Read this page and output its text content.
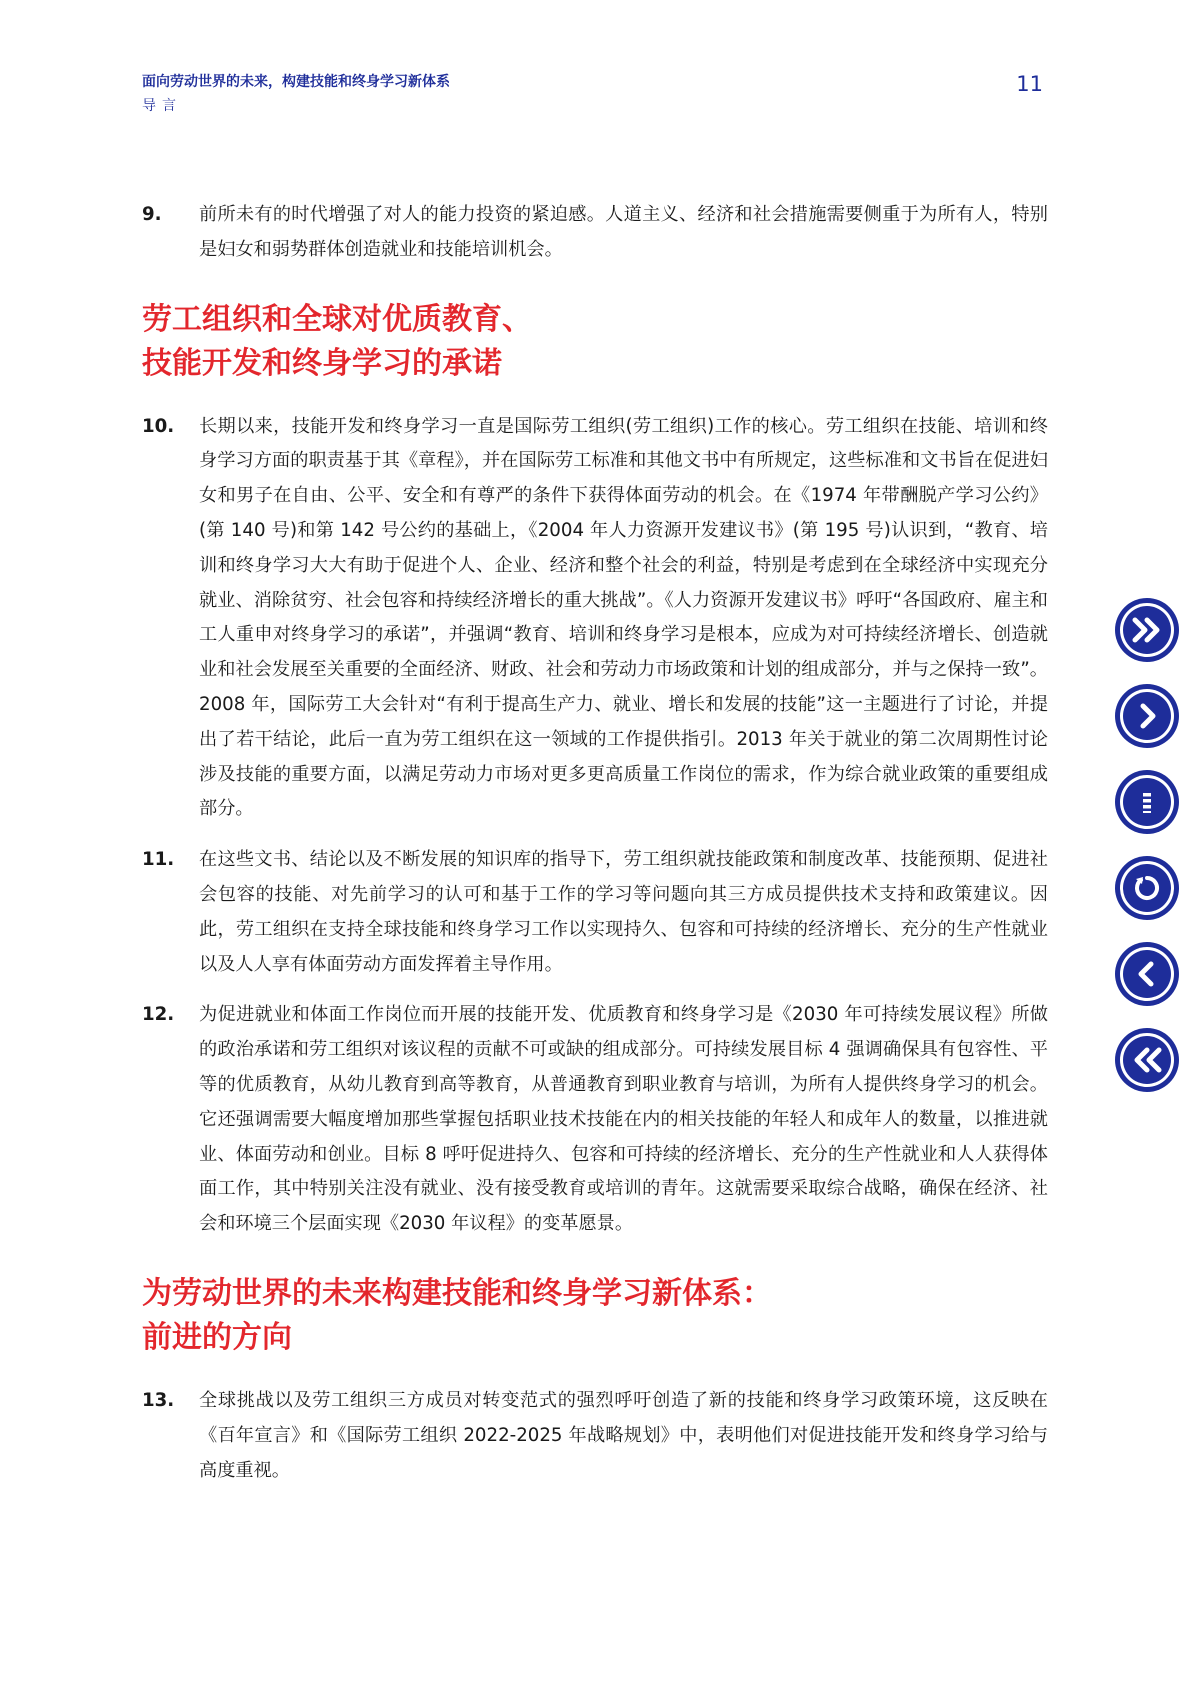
面向劳动世界的未来，构建技能和终身学习新体系
导言
11
9.	前所未有的时代增强了对人的能力投资的紧迫感。人道主义、经济和社会措施需要侧重于为所有人，特别是妇女和弱势群体创造就业和技能培训机会。
劳工组织和全球对优质教育、
技能开发和终身学习的承诺
10.	长期以来，技能开发和终身学习一直是国际劳工组织(劳工组织)工作的核心。劳工组织在技能、培训和终身学习方面的职责基于其《章程》，并在国际劳工标准和其他文书中有所规定，这些标准和文书旨在促进妇女和男子在自由、公平、安全和有尊严的条件下获得体面劳动的机会。在《1974 年带酬脱产学习公约》(第 140 号)和第 142 号公约的基础上，《2004 年人力资源开发建议书》(第 195 号)认识到，“教育、培训和终身学习大大有助于促进个人、企业、经济和整个社会的利益，特别是考虑到在全球经济中实现充分就业、消除贫穷、社会包容和持续经济增长的重大挑战”。《人力资源开发建议书》呼吁“各国政府、雇主和工人重申对终身学习的承诺”，并强调“教育、培训和终身学习是根本，应成为对可持续经济增长、创造就业和社会发展至关重要的全面经济、财政、社会和劳动力市场政策和计划的组成部分，并与之保持一致”。2008 年，国际劳工大会针对“有利于提高生产力、就业、增长和发展的技能”这一主题进行了讨论，并提出了若干结论，此后一直为劳工组织在这一领域的工作提供指引。2013 年关于就业的第二次周期性讨论涉及技能的重要方面，以满足劳动力市场对更多更高质量工作岗位的需求，作为综合就业政策的重要组成部分。
11.	在这些文书、结论以及不断发展的知识库的指导下，劳工组织就技能政策和制度改革、技能预期、促进社会包容的技能、对先前学习的认可和基于工作的学习等问题向其三方成员提供技术支持和政策建议。因此，劳工组织在支持全球技能和终身学习工作以实现持久、包容和可持续的经济增长、充分的生产性就业以及人人享有体面劳动方面发挥着主导作用。
12.	为促进就业和体面工作岗位而开展的技能开发、优质教育和终身学习是《2030 年可持续发展议程》所做的政治承诺和劳工组织对该议程的贡献不可或缺的组成部分。可持续发展目标 4 强调确保具有包容性、平等的优质教育，从幼儿教育到高等教育，从普通教育到职业教育与培训，为所有人提供终身学习的机会。它还强调需要大幅度增加那些掌握包括职业技术技能在内的相关技能的年轻人和成年人的数量，以推进就业、体面劳动和创业。目标 8 呼吁促进持久、包容和可持续的经济增长、充分的生产性就业和人人获得体面工作，其中特别关注没有就业、没有接受教育或培训的青年。这就需要采取综合战略，确保在经济、社会和环境三个层面实现《2030 年议程》的变革愿景。
为劳动世界的未来构建技能和终身学习新体系：
前进的方向
13.	全球挑战以及劳工组织三方成员对转变范式的强烈呼吁创造了新的技能和终身学习政策环境，这反映在《百年宣言》和《国际劳工组织 2022-2025 年战略规划》中，表明他们对促进技能开发和终身学习给与高度重视。
